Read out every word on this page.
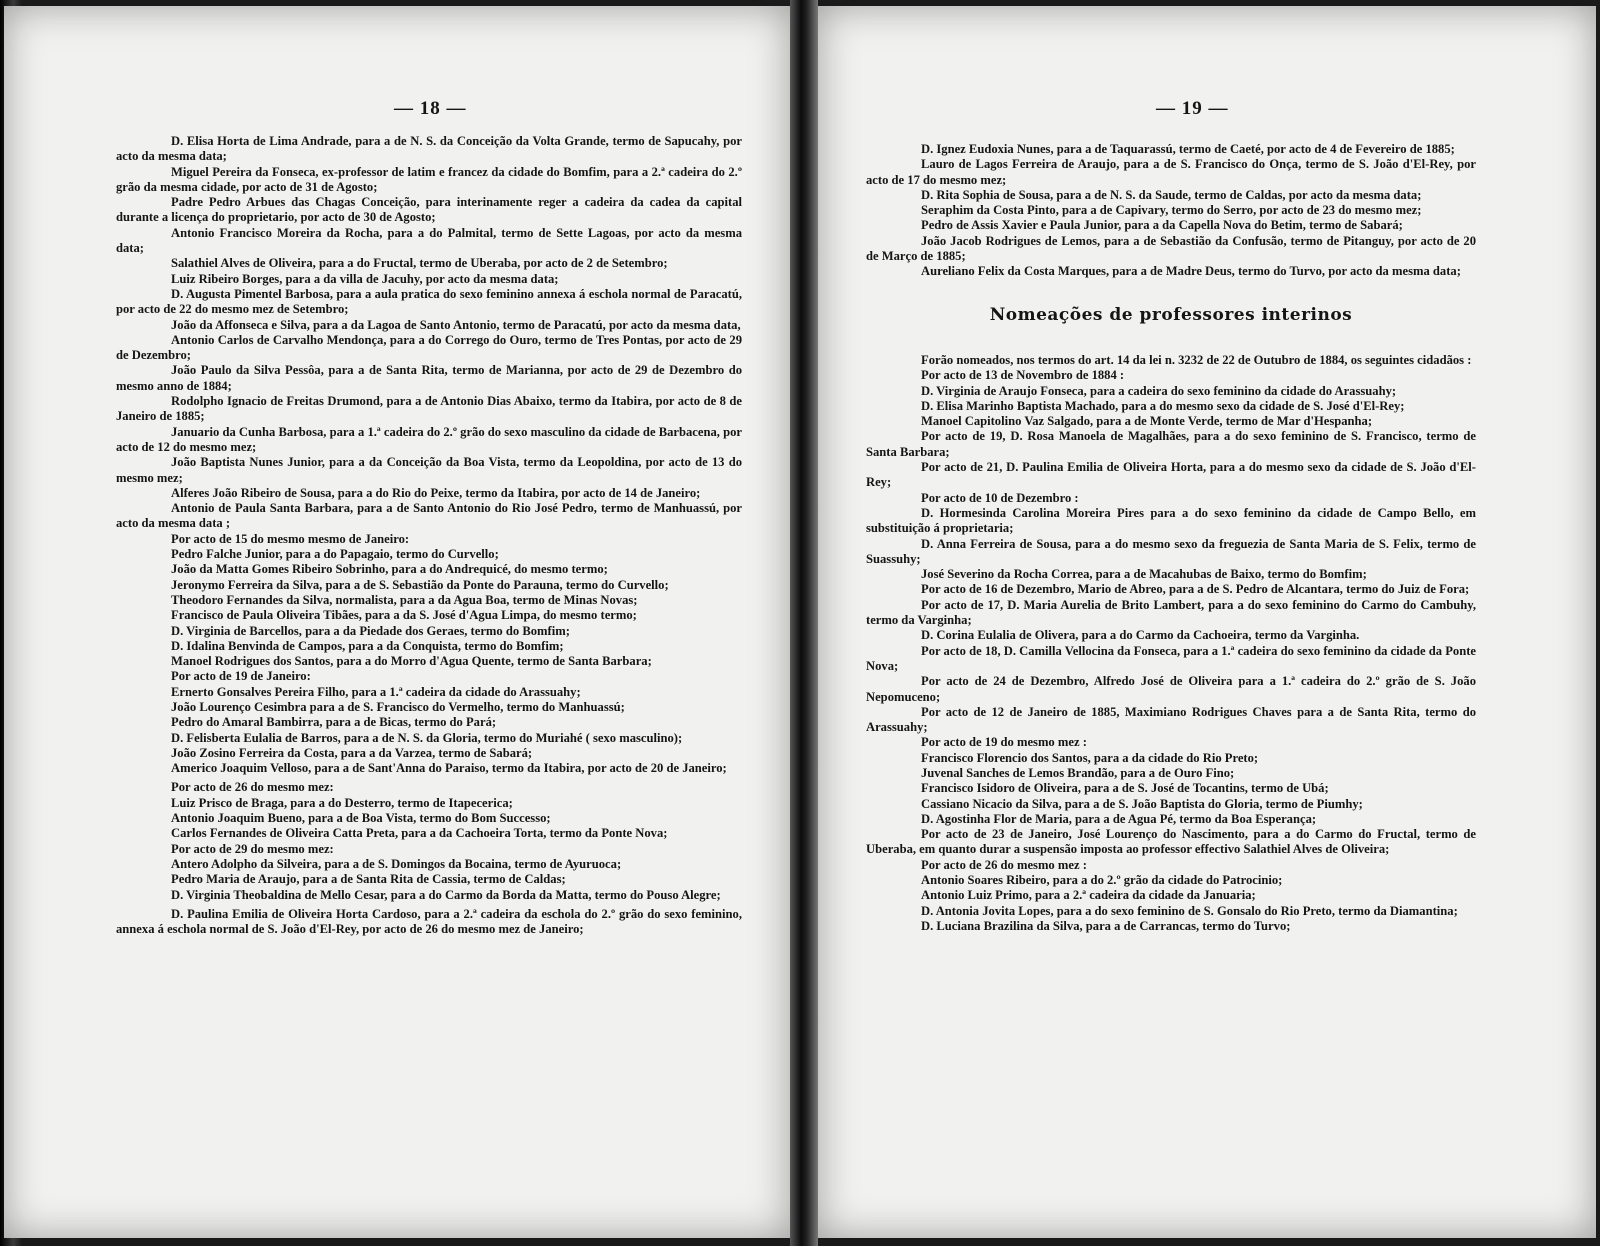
— 18 —

D. Elisa Horta de Lima Andrade, para a de N. S. da Conceição da Volta Grande, termo de Sapucahy, por acto da mesma data;

Miguel Pereira da Fonseca, ex-professor de latim e francez da cidade do Bomfim, para a 2.ª cadeira do 2.º grão da mesma cidade, por acto de 31 de Agosto;

Padre Pedro Arbues das Chagas Conceição, para interinamente reger a cadeira da cadea da capital durante a licença do proprietario, por acto de 30 de Agosto;

Antonio Francisco Moreira da Rocha, para a do Palmital, termo de Sette Lagoas, por acto da mesma data;

Salathiel Alves de Oliveira, para a do Fructal, termo de Uberaba, por acto de 2 de Setembro;

Luiz Ribeiro Borges, para a da villa de Jacuhy, por acto da mesma data;

D. Augusta Pimentel Barbosa, para a aula pratica do sexo feminino annexa á eschola normal de Paracatú, por acto de 22 do mesmo mez de Setembro;

João da Affonseca e Silva, para a da Lagoa de Santo Antonio, termo de Paracatú, por acto da mesma data,

Antonio Carlos de Carvalho Mendonça, para a do Corrego do Ouro, termo de Tres Pontas, por acto de 29 de Dezembro;

João Paulo da Silva Pessôa, para a de Santa Rita, termo de Marianna, por acto de 29 de Dezembro do mesmo anno de 1884;

Rodolpho Ignacio de Freitas Drumond, para a de Antonio Dias Abaixo, termo da Itabira, por acto de 8 de Janeiro de 1885;

Januario da Cunha Barbosa, para a 1.ª cadeira do 2.º grão do sexo masculino da cidade de Barbacena, por acto de 12 do mesmo mez;

João Baptista Nunes Junior, para a da Conceição da Boa Vista, termo da Leopoldina, por acto de 13 do mesmo mez;

Alferes João Ribeiro de Sousa, para a do Rio do Peixe, termo da Itabira, por acto de 14 de Janeiro;

Antonio de Paula Santa Barbara, para a de Santo Antonio do Rio José Pedro, termo de Manhuassú, por acto da mesma data ;

Por acto de 15 do mesmo mesmo de Janeiro:

Pedro Falche Junior, para a do Papagaio, termo do Curvello;

João da Matta Gomes Ribeiro Sobrinho, para a do Andrequicé, do mesmo termo;

Jeronymo Ferreira da Silva, para a de S. Sebastião da Ponte do Parauna, termo do Curvello;

Theodoro Fernandes da Silva, normalista, para a da Agua Boa, termo de Minas Novas;

Francisco de Paula Oliveira Tibães, para a da S. José d'Agua Limpa, do mesmo termo;

D. Virginia de Barcellos, para a da Piedade dos Geraes, termo do Bomfim;

D. Idalina Benvinda de Campos, para a da Conquista, termo do Bomfim;

Manoel Rodrigues dos Santos, para a do Morro d'Agua Quente, termo de Santa Barbara;

Por acto de 19 de Janeiro:

Ernerto Gonsalves Pereira Filho, para a 1.ª cadeira da cidade do Arassuahy;

João Lourenço Cesimbra para a de S. Francisco do Vermelho, termo do Manhuassú;

Pedro do Amaral Bambirra, para a de Bicas, termo do Pará;

D. Felisberta Eulalia de Barros, para a de N. S. da Gloria, termo do Muriahé ( sexo masculino);

João Zosino Ferreira da Costa, para a da Varzea, termo de Sabará;

Americo Joaquim Velloso, para a de Sant'Anna do Paraiso, termo da Itabira, por acto de 20 de Janeiro;

Por acto de 26 do mesmo mez:

Luiz Prisco de Braga, para a do Desterro, termo de Itapecerica;

Antonio Joaquim Bueno, para a de Boa Vista, termo do Bom Successo;

Carlos Fernandes de Oliveira Catta Preta, para a da Cachoeira Torta, termo da Ponte Nova;

Por acto de 29 do mesmo mez:

Antero Adolpho da Silveira, para a de S. Domingos da Bocaina, termo de Ayuruoca;

Pedro Maria de Araujo, para a de Santa Rita de Cassia, termo de Caldas;

D. Virginia Theobaldina de Mello Cesar, para a do Carmo da Borda da Matta, termo do Pouso Alegre;

D. Paulina Emilia de Oliveira Horta Cardoso, para a 2.ª cadeira da eschola do 2.º grão do sexo feminino, annexa á eschola normal de S. João d'El-Rey, por acto de 26 do mesmo mez de Janeiro;

— 19 —

D. Ignez Eudoxia Nunes, para a de Taquarassú, termo de Caeté, por acto de 4 de Fevereiro de 1885;

Lauro de Lagos Ferreira de Araujo, para a de S. Francisco do Onça, termo de S. João d'El-Rey, por acto de 17 do mesmo mez;

D. Rita Sophia de Sousa, para a de N. S. da Saude, termo de Caldas, por acto da mesma data;

Seraphim da Costa Pinto, para a de Capivary, termo do Serro, por acto de 23 do mesmo mez;

Pedro de Assis Xavier e Paula Junior, para a da Capella Nova do Betim, termo de Sabará;

João Jacob Rodrigues de Lemos, para a de Sebastião da Confusão, termo de Pitanguy, por acto de 20 de Março de 1885;

Aureliano Felix da Costa Marques, para a de Madre Deus, termo do Turvo, por acto da mesma data;

Nomeações de professores interinos

Forão nomeados, nos termos do art. 14 da lei n. 3232 de 22 de Outubro de 1884, os seguintes cidadãos :

Por acto de 13 de Novembro de 1884 :

D. Virginia de Araujo Fonseca, para a cadeira do sexo feminino da cidade do Arassuahy;

D. Elisa Marinho Baptista Machado, para a do mesmo sexo da cidade de S. José d'El-Rey;

Manoel Capitolino Vaz Salgado, para a de Monte Verde, termo de Mar d'Hespanha;

Por acto de 19, D. Rosa Manoela de Magalhães, para a do sexo feminino de S. Francisco, termo de Santa Barbara;

Por acto de 21, D. Paulina Emilia de Oliveira Horta, para a do mesmo sexo da cidade de S. João d'El-Rey;

Por acto de 10 de Dezembro :

D. Hormesinda Carolina Moreira Pires para a do sexo feminino da cidade de Campo Bello, em substituição á proprietaria;

D. Anna Ferreira de Sousa, para a do mesmo sexo da freguezia de Santa Maria de S. Felix, termo de Suassuhy;

José Severino da Rocha Correa, para a de Macahubas de Baixo, termo do Bomfim;

Por acto de 16 de Dezembro, Mario de Abreo, para a de S. Pedro de Alcantara, termo do Juiz de Fora;

Por acto de 17, D. Maria Aurelia de Brito Lambert, para a do sexo feminino do Carmo do Cambuhy, termo da Varginha;

D. Corina Eulalia de Olivera, para a do Carmo da Cachoeira, termo da Varginha.

Por acto de 18, D. Camilla Vellocina da Fonseca, para a 1.ª cadeira do sexo feminino da cidade da Ponte Nova;

Por acto de 24 de Dezembro, Alfredo José de Oliveira para a 1.ª cadeira do 2.º grão de S. João Nepomuceno;

Por acto de 12 de Janeiro de 1885, Maximiano Rodrigues Chaves para a de Santa Rita, termo do Arassuahy;

Por acto de 19 do mesmo mez :

Francisco Florencio dos Santos, para a da cidade do Rio Preto;

Juvenal Sanches de Lemos Brandão, para a de Ouro Fino;

Francisco Isidoro de Oliveira, para a de S. José de Tocantins, termo de Ubá;

Cassiano Nicacio da Silva, para a de S. João Baptista do Gloria, termo de Piumhy;

D. Agostinha Flor de Maria, para a de Agua Pé, termo da Boa Esperança;

Por acto de 23 de Janeiro, José Lourenço do Nascimento, para a do Carmo do Fructal, termo de Uberaba, em quanto durar a suspensão imposta ao professor effectivo Salathiel Alves de Oliveira;

Por acto de 26 do mesmo mez :

Antonio Soares Ribeiro, para a do 2.º grão da cidade do Patrocinio;

Antonio Luiz Primo, para a 2.ª cadeira da cidade da Januaria;

D. Antonia Jovita Lopes, para a do sexo feminino de S. Gonsalo do Rio Preto, termo da Diamantina;

D. Luciana Brazilina da Silva, para a de Carrancas, termo do Turvo;
